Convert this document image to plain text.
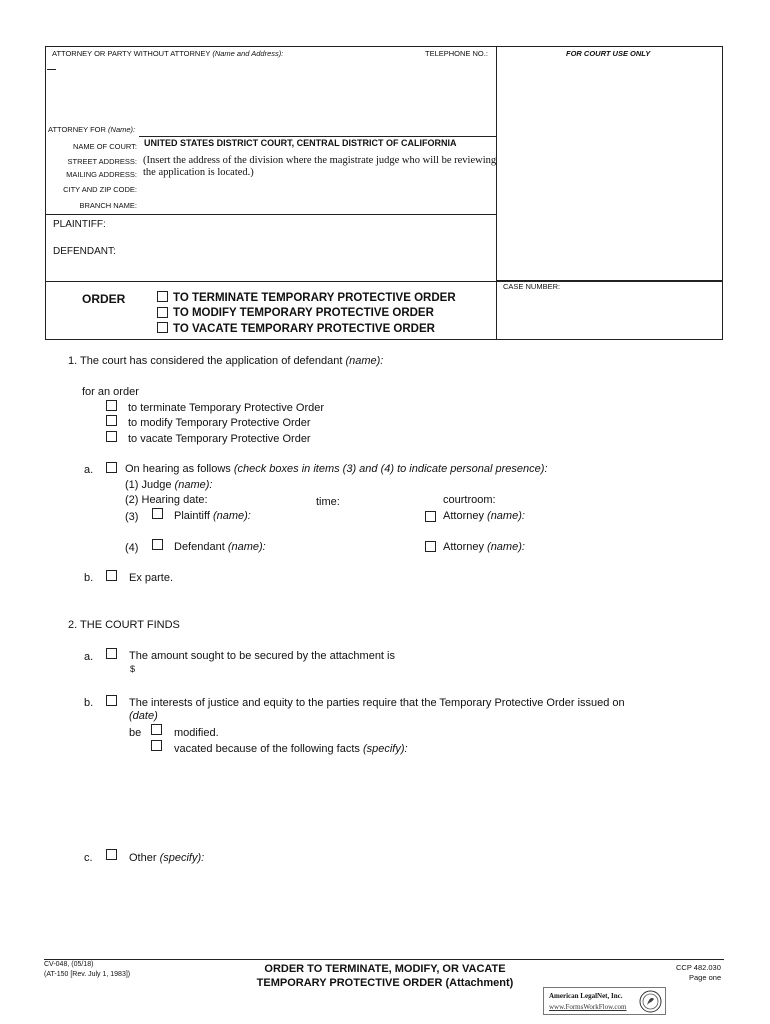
ATTORNEY OR PARTY WITHOUT ATTORNEY (Name and Address):	TELEPHONE NO.:	FOR COURT USE ONLY
ATTORNEY FOR (Name):
NAME OF COURT: UNITED STATES DISTRICT COURT, CENTRAL DISTRICT OF CALIFORNIA
STREET ADDRESS: (Insert the address of the division where the magistrate judge who will be reviewing
MAILING ADDRESS: the application is located.)
CITY AND ZIP CODE:
BRANCH NAME:
PLAINTIFF:
DEFENDANT:
CASE NUMBER:
ORDER	TO TERMINATE TEMPORARY PROTECTIVE ORDER
TO MODIFY TEMPORARY PROTECTIVE ORDER
TO VACATE TEMPORARY PROTECTIVE ORDER
1. The court has considered the application of defendant (name):
for an order
to terminate Temporary Protective Order
to modify Temporary Protective Order
to vacate Temporary Protective Order
a.	On hearing as follows (check boxes in items (3) and (4) to indicate personal presence):
(1) Judge (name):
(2) Hearing date:	time:	courtroom:
(3)	Plaintiff (name):	Attorney (name):
(4)	Defendant (name):	Attorney (name):
b.	Ex parte.
2. THE COURT FINDS
a.	The amount sought to be secured by the attachment is
$
b.	The interests of justice and equity to the parties require that the Temporary Protective Order issued on
(date)
be	modified.
vacated because of the following facts (specify):
c.	Other (specify):
CV-048, (05/18)
(AT-150 [Rev. July 1, 1983])	ORDER TO TERMINATE, MODIFY, OR VACATE
TEMPORARY PROTECTIVE ORDER (Attachment)
CCP 482.030
Page one
American LegalNet, Inc.
www.FormsWorkFlow.com
